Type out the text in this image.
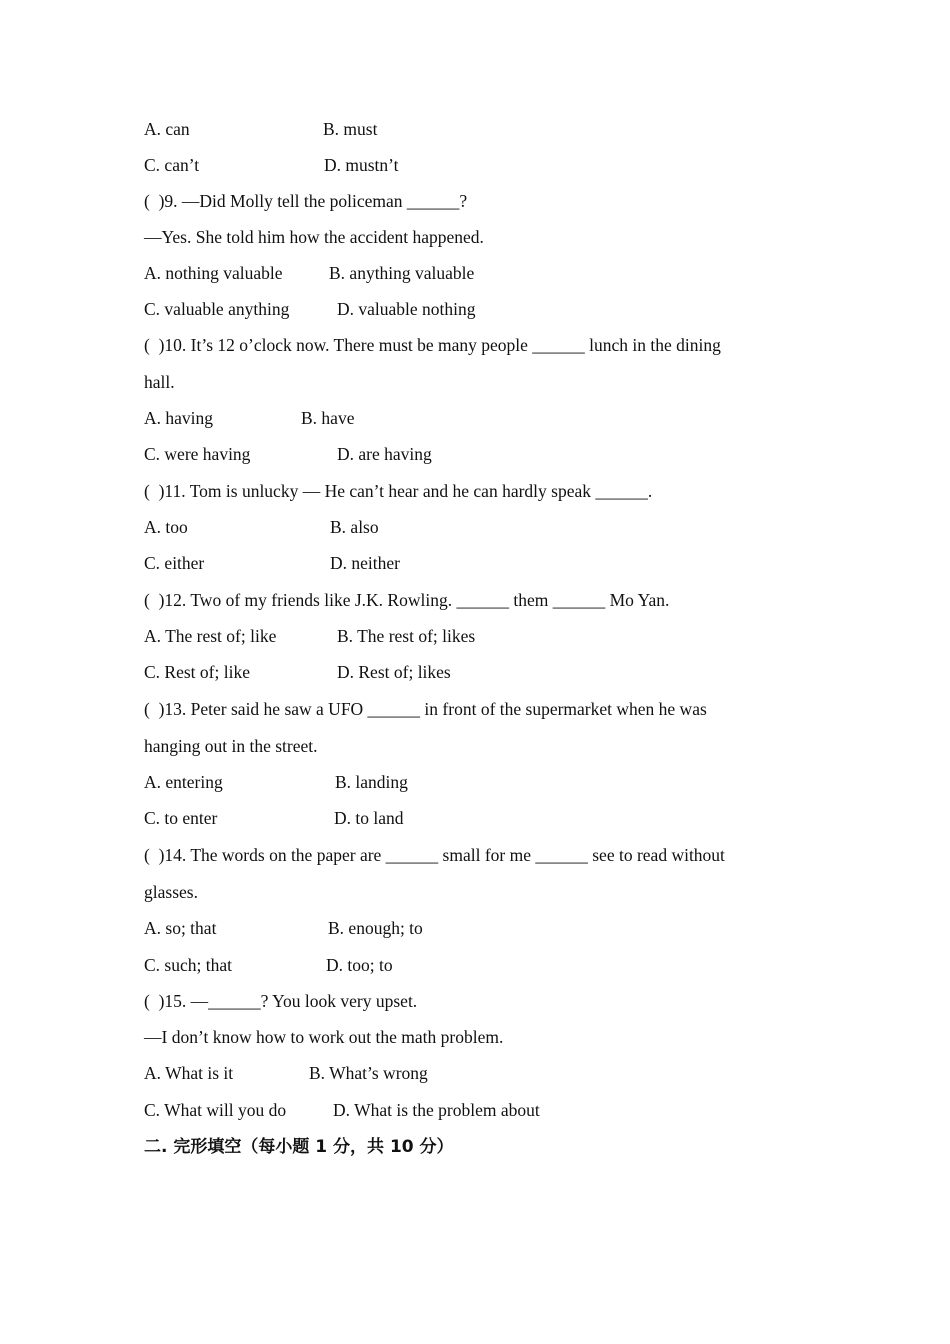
A. can	B. must
C. can’t	D. mustn’t
(  )9. —Did Molly tell the policeman ______?
—Yes. She told him how the accident happened.
A. nothing valuable	B. anything valuable
C. valuable anything	D. valuable nothing
(  )10. It’s 12 o’clock now. There must be many people ______ lunch in the dining
hall.
A. having	B. have
C. were having	D. are having
(  )11. Tom is unlucky — He can’t hear and he can hardly speak ______.
A. too	B. also
C. either	D. neither
(  )12. Two of my friends like J.K. Rowling. ______ them ______ Mo Yan.
A. The rest of; like	B. The rest of; likes
C. Rest of; like	D. Rest of; likes
(  )13. Peter said he saw a UFO ______ in front of the supermarket when he was
hanging out in the street.
A. entering	B. landing
C. to enter	D. to land
(  )14. The words on the paper are ______ small for me ______ see to read without
glasses.
A. so; that	B. enough; to
C. such; that	D. too; to
(  )15. —______? You look very upset.
—I don’t know how to work out the math problem.
A. What is it	B. What’s wrong
C. What will you do	D. What is the problem about
二. 完形填空（每小题 1 分，共 10 分）
